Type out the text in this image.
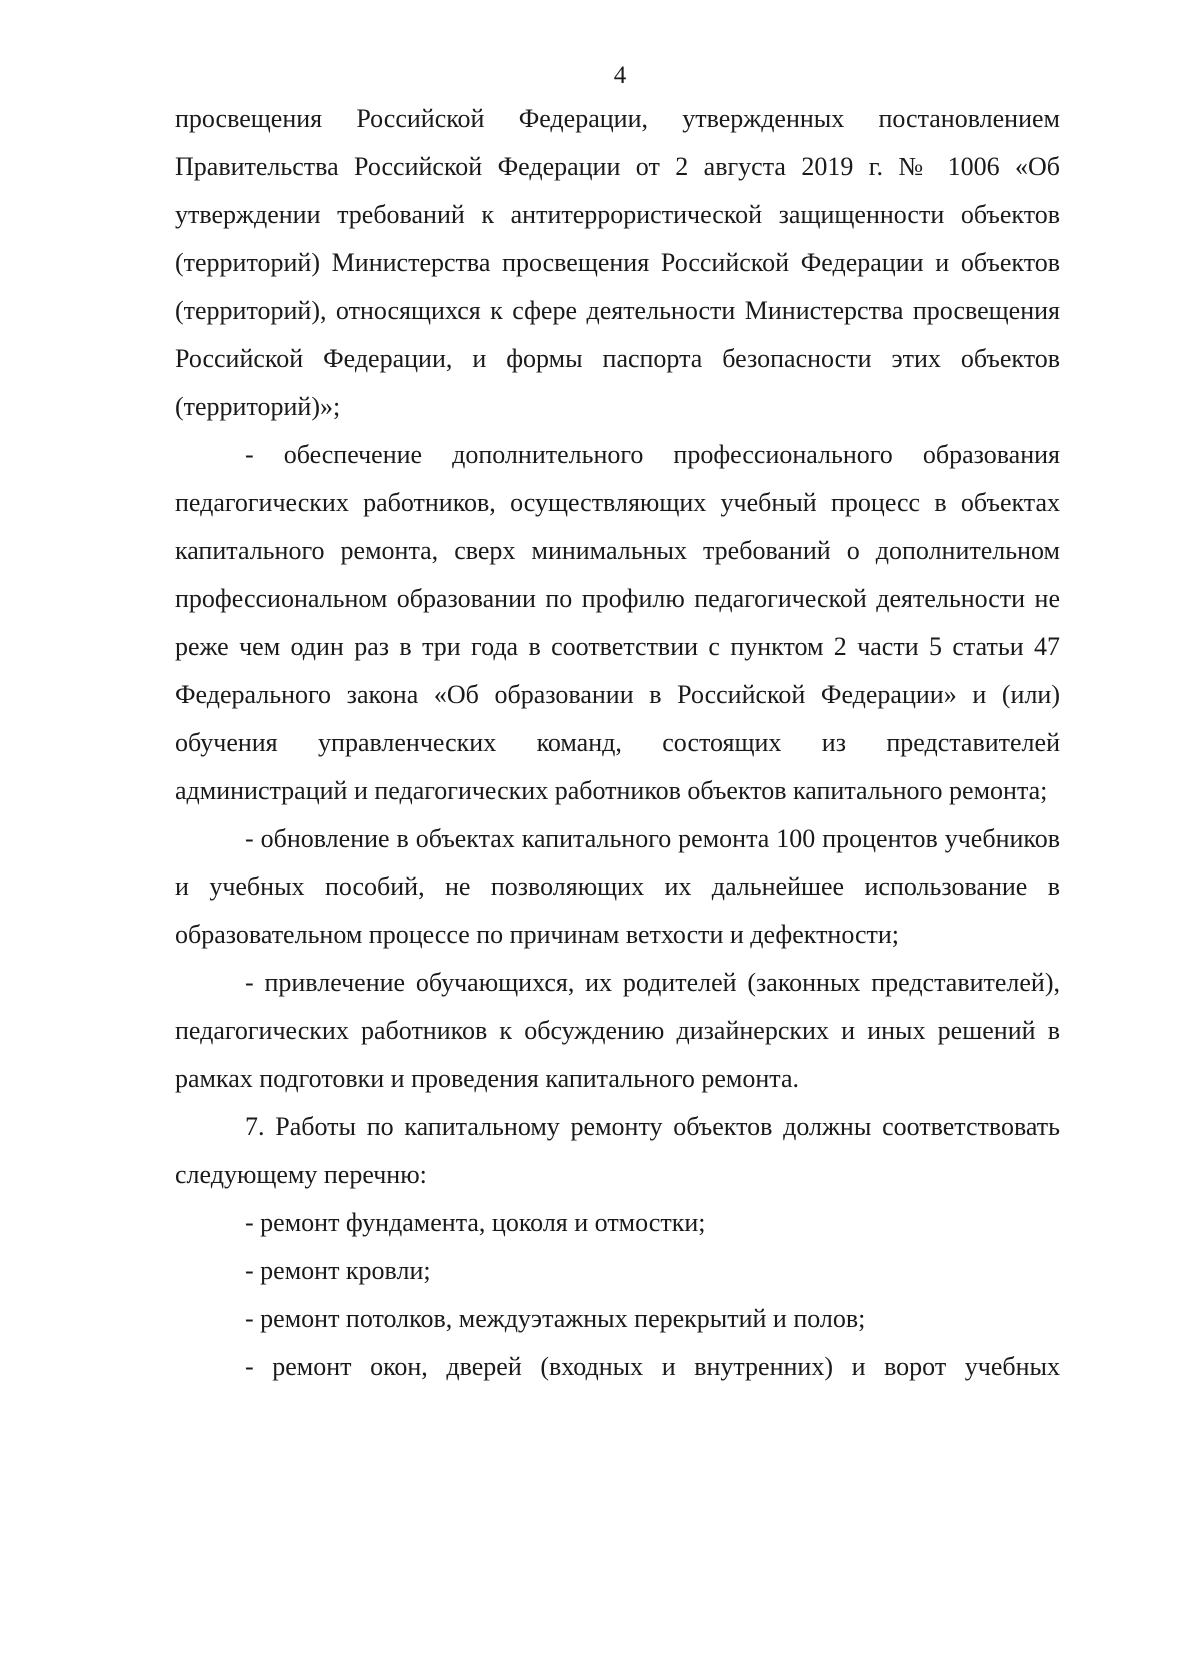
4

просвещения Российской Федерации, утвержденных постановлением Правительства Российской Федерации от 2 августа 2019 г. № 1006 «Об утверждении требований к антитеррористической защищенности объектов (территорий) Министерства просвещения Российской Федерации и объектов (территорий), относящихся к сфере деятельности Министерства просвещения Российской Федерации, и формы паспорта безопасности этих объектов (территорий)»;

- обеспечение дополнительного профессионального образования педагогических работников, осуществляющих учебный процесс в объектах капитального ремонта, сверх минимальных требований о дополнительном профессиональном образовании по профилю педагогической деятельности не реже чем один раз в три года в соответствии с пунктом 2 части 5 статьи 47 Федерального закона «Об образовании в Российской Федерации» и (или) обучения управленческих команд, состоящих из представителей администраций и педагогических работников объектов капитального ремонта;

- обновление в объектах капитального ремонта 100 процентов учебников и учебных пособий, не позволяющих их дальнейшее использование в образовательном процессе по причинам ветхости и дефектности;

- привлечение обучающихся, их родителей (законных представителей), педагогических работников к обсуждению дизайнерских и иных решений в рамках подготовки и проведения капитального ремонта.

7. Работы по капитальному ремонту объектов должны соответствовать следующему перечню:

- ремонт фундамента, цоколя и отмостки;

- ремонт кровли;

- ремонт потолков, междуэтажных перекрытий и полов;

- ремонт окон, дверей (входных и внутренних) и ворот учебных
